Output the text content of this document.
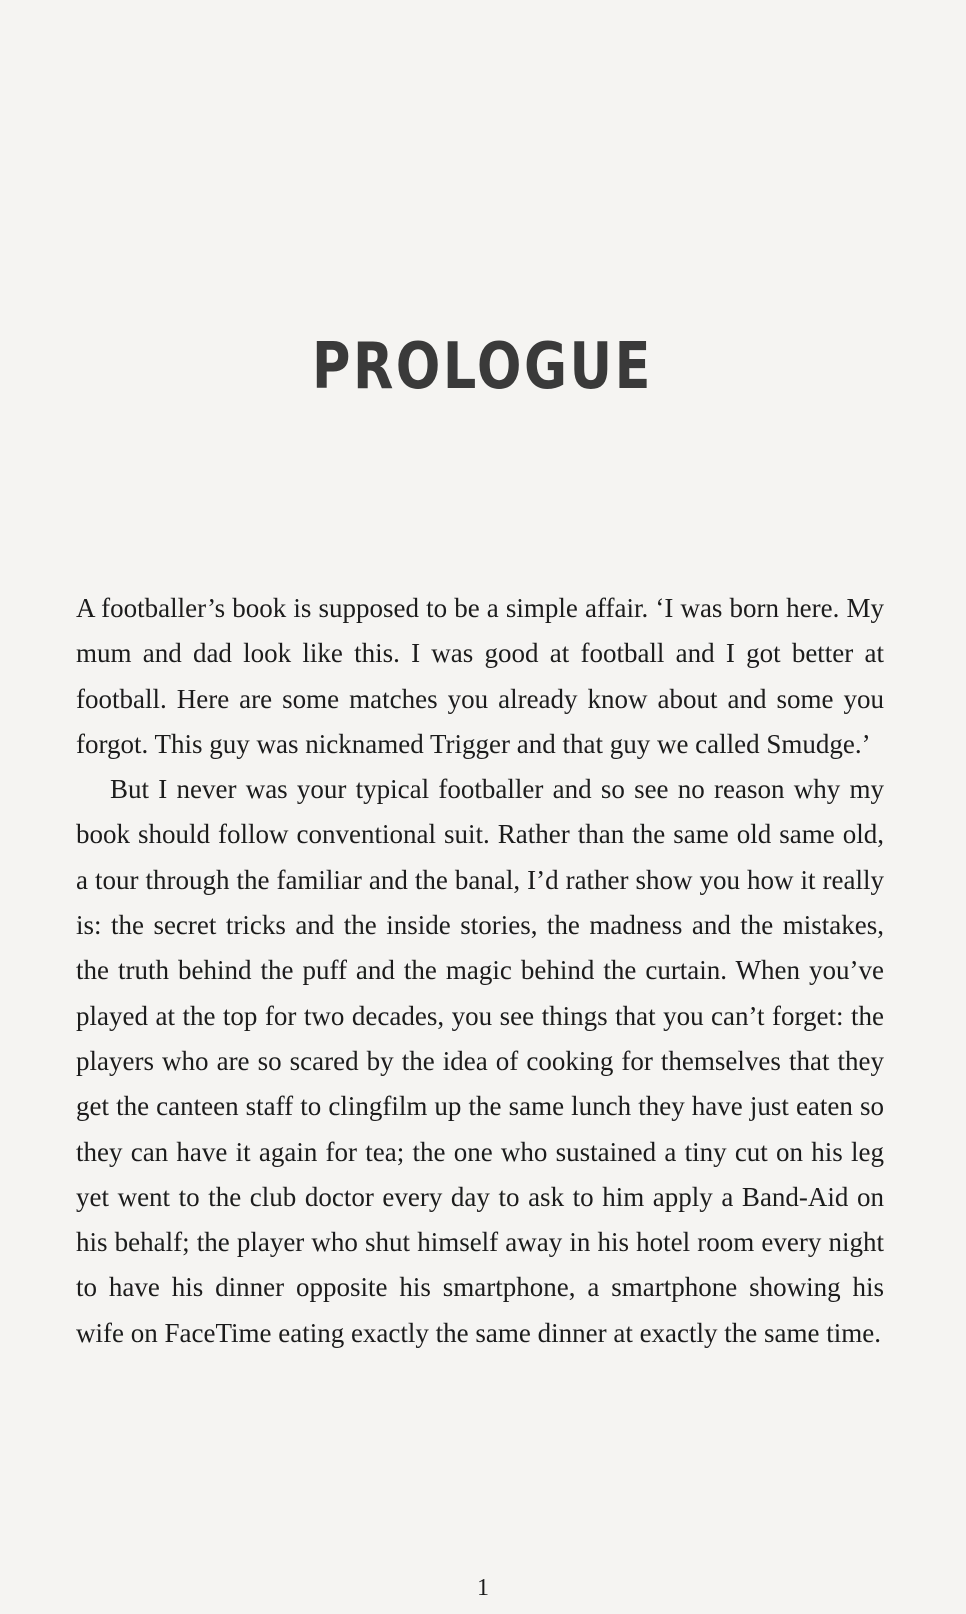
PROLOGUE

A footballer’s book is supposed to be a simple affair. ‘I was born here. My mum and dad look like this. I was good at football and I got better at football. Here are some matches you already know about and some you forgot. This guy was nicknamed Trigger and that guy we called Smudge.’

But I never was your typical footballer and so see no reason why my book should follow conventional suit. Rather than the same old same old, a tour through the familiar and the banal, I’d rather show you how it really is: the secret tricks and the inside stories, the madness and the mistakes, the truth behind the puff and the magic behind the curtain. When you’ve played at the top for two decades, you see things that you can’t forget: the players who are so scared by the idea of cooking for themselves that they get the canteen staff to clingfilm up the same lunch they have just eaten so they can have it again for tea; the one who sustained a tiny cut on his leg yet went to the club doctor every day to ask to him apply a Band-Aid on his behalf; the player who shut himself away in his hotel room every night to have his dinner opposite his smartphone, a smartphone showing his wife on FaceTime eating exactly the same dinner at exactly the same time.

1
